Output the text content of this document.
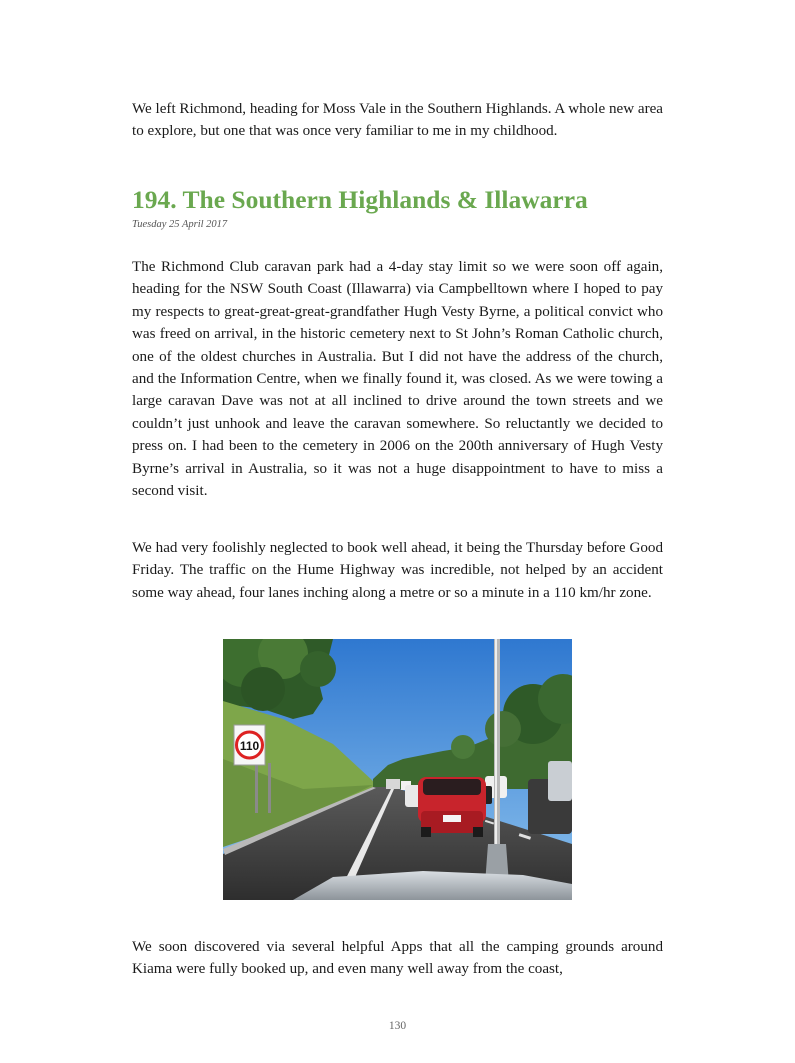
We left Richmond, heading for Moss Vale in the Southern Highlands. A whole new area to explore, but one that was once very familiar to me in my childhood.

194. The Southern Highlands & Illawarra

Tuesday 25 April 2017

The Richmond Club caravan park had a 4-day stay limit so we were soon off again, heading for the NSW South Coast (Illawarra) via Campbelltown where I hoped to pay my respects to great-great-great-grandfather Hugh Vesty Byrne, a political convict who was freed on arrival, in the historic cemetery next to St John’s Roman Catholic church, one of the oldest churches in Australia. But I did not have the address of the church, and the Information Centre, when we finally found it, was closed. As we were towing a large caravan Dave was not at all inclined to drive around the town streets and we couldn’t just unhook and leave the caravan somewhere. So reluctantly we decided to press on. I had been to the cemetery in 2006 on the 200th anniversary of Hugh Vesty Byrne’s arrival in Australia, so it was not a huge disappointment to have to miss a second visit.

We had very foolishly neglected to book well ahead, it being the Thursday before Good Friday. The traffic on the Hume Highway was incredible, not helped by an accident some way ahead, four lanes inching along a metre or so a minute in a 110 km/hr zone.

110

We soon discovered via several helpful Apps that all the camping grounds around Kiama were fully booked up, and even many well away from the coast,

130
